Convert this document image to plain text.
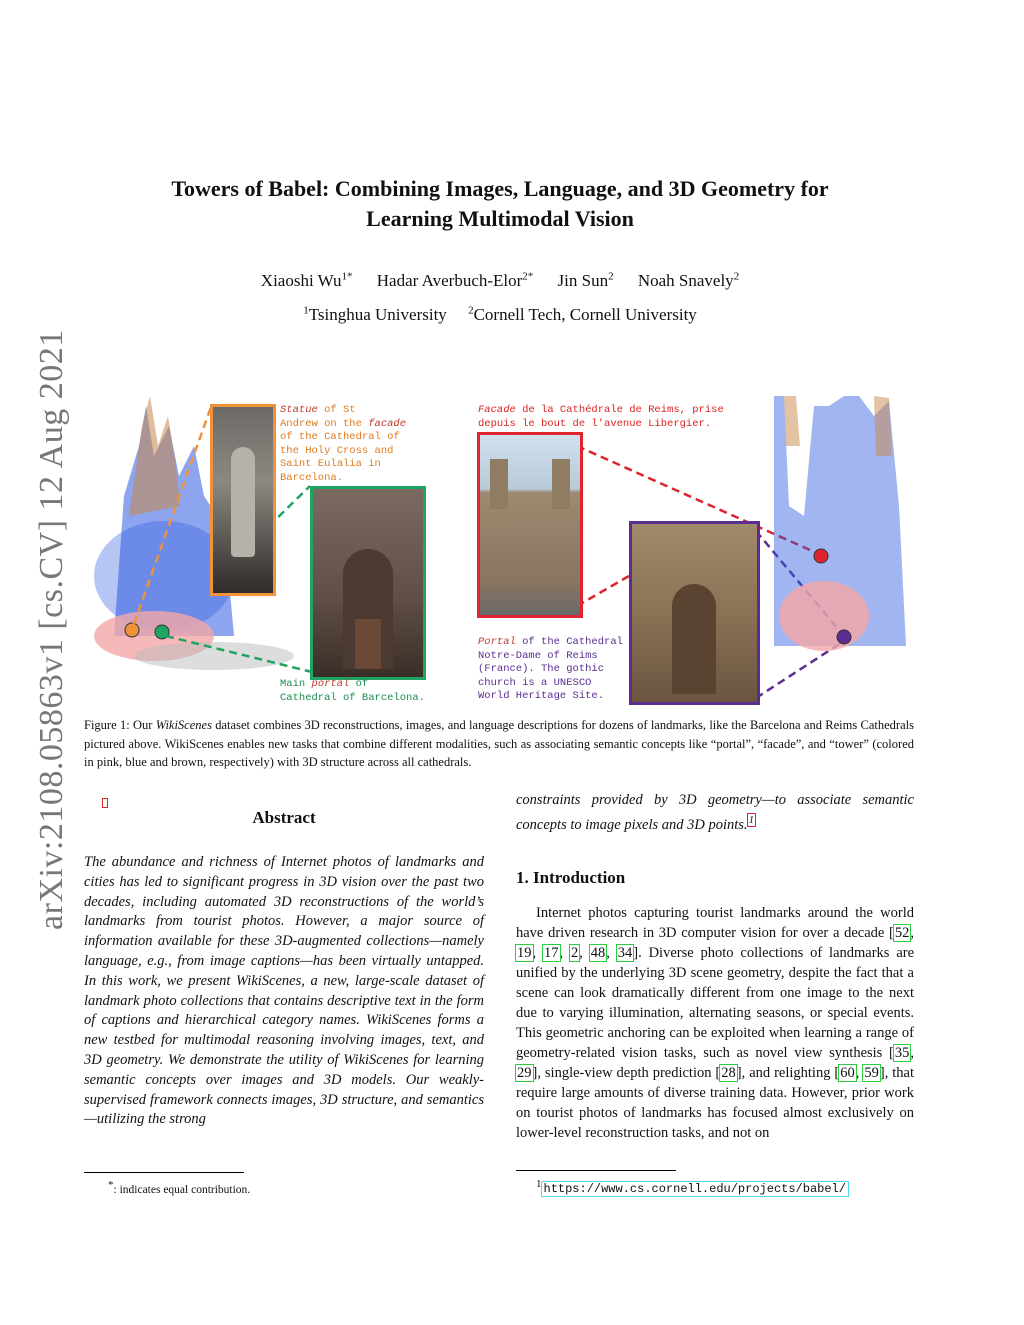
arXiv:2108.05863v1 [cs.CV] 12 Aug 2021
Towers of Babel: Combining Images, Language, and 3D Geometry for
Learning Multimodal Vision
Xiaoshi $Wu^{1*}$ Hadar Averbuch-Elor$^{2*}$ Jin Sun$^2$ Noah Snavely$^2$
$^1$Tsinghua University $^2$Cornell Tech, Cornell University
Statue of St
Andrew on the facade
of the Cathedral of
the Holy Cross and
Saint Eulalia in
Barcelona.
Facade de la Cathédrale de Reims, prise
depuis le bout de l’avenue Libergier.
Main portal of
Cathedral of Barcelona.
Portal of the Cathedral
Notre-Dame of Reims
(France). The gothic
church is a UNESCO
World Heritage Site.
Figure 1: Our WikiScenes dataset combines 3D reconstructions, images, and language descriptions for dozens of landmarks, like the Barcelona and Reims Cathedrals pictured above. WikiScenes enables new tasks that combine different modalities, such as associating semantic concepts like “portal”, “facade”, and “tower” (colored in pink, blue and brown, respectively) with 3D structure across all cathedrals.
Abstract
The abundance and richness of Internet photos of landmarks and cities has led to significant progress in 3D vision over the past two decades, including automated 3D reconstructions of the world’s landmarks from tourist photos. However, a major source of information available for these 3D-augmented collections—namely language, e.g., from image captions—has been virtually untapped. In this work, we present WikiScenes, a new, large-scale dataset of landmark photo collections that contains descriptive text in the form of captions and hierarchical category names. WikiScenes forms a new testbed for multimodal reasoning involving images, text, and 3D geometry. We demonstrate the utility of WikiScenes for learning semantic concepts over images and 3D models. Our weakly-supervised framework connects images, 3D structure, and semantics—utilizing the strong
constraints provided by 3D geometry—to associate semantic concepts to image pixels and 3D points.$^1$
1. Introduction
Internet photos capturing tourist landmarks around the world have driven research in 3D computer vision for over a decade [52, 19, 17, 2, 48, 34]. Diverse photo collections of landmarks are unified by the underlying 3D scene geometry, despite the fact that a scene can look dramatically different from one image to the next due to varying illumination, alternating seasons, or special events. This geometric anchoring can be exploited when learning a range of geometry-related vision tasks, such as novel view synthesis [35, 29], single-view depth prediction [28], and relighting [60, 59], that require large amounts of diverse training data. However, prior work on tourist photos of landmarks has focused almost exclusively on lower-level reconstruction tasks, and not on
*: indicates equal contribution.	$^1$ https://www.cs.cornell.edu/projects/babel/
